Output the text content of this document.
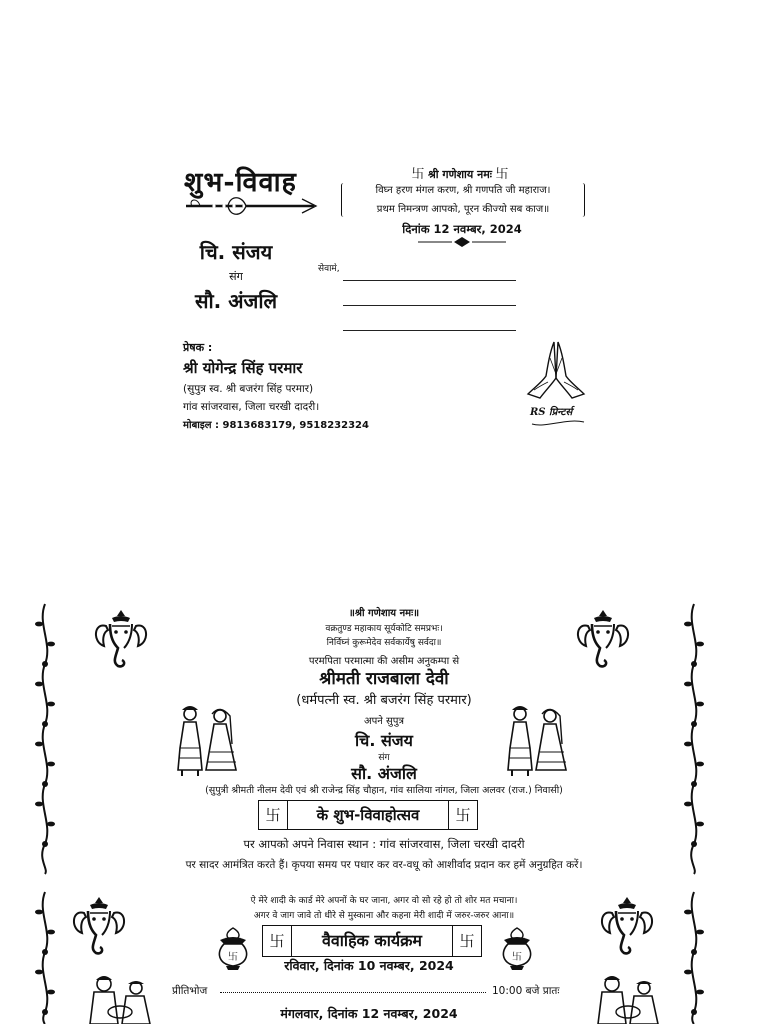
शुभ-विवाह	卐 श्री गणेशाय नमः 卐
विघ्न हरण मंगल करण, श्री गणपति जी महाराज।
प्रथम निमन्त्रण आपको, पूरन कीज्यो सब काज॥
दिनांक 12 नवम्बर, 2024
चि. संजय
संग
सौ. अंजलि
सेवाम॓,
प्रेषक :
श्री योगेन्द्र सिंह परमार
(सुपुत्र स्व. श्री बजरंग सिंह परमार)
गांव सांजरवास, जिला चरखी दादरी।
मोबाइल : 9813683179, 9518232324
RS प्रिन्टर्स
॥श्री गणेशाय नमः॥
वक्रतुण्ड महाकाय सूर्यकोटि समप्रभः।
निर्विघ्नं कुरूमेदेव सर्वकार्येषु सर्वदा॥
परमपिता परमात्मा की असीम अनुकम्पा से
श्रीमती राजबाला देवी
(धर्मपत्नी स्व. श्री बजरंग सिंह परमार)
अपने सुपुत्र
चि. संजय
संग
सौ. अंजलि
(सुपुत्री श्रीमती नीलम देवी एवं श्री राजेन्द्र सिंह चौहान, गांव सालिया नांगल, जिला अलवर (राज.) निवासी)
卐	के शुभ-विवाहोत्सव	卐
पर आपको अपने निवास स्थान : गांव सांजरवास, जिला चरखी दादरी
पर सादर आमंत्रित करते हैं। कृपया समय पर पधार कर वर-वधू को आशीर्वाद प्रदान कर हमें अनुग्रहित करें।
ऐ मेरे शादी के कार्ड मेरे अपनों के घर जाना, अगर वो सो रहे हो तो शोर मत मचाना।
अगर वे जाग जावे तो धीरे से मुस्काना और कहना मेरी शादी में जरुर-जरुर आना॥
卐	卐
卐	वैवाहिक कार्यक्रम	卐
रविवार, दिनांक 10 नवम्बर, 2024
प्रीतिभोज	10:00 बजे प्रातः
मंगलवार, दिनांक 12 नवम्बर, 2024
